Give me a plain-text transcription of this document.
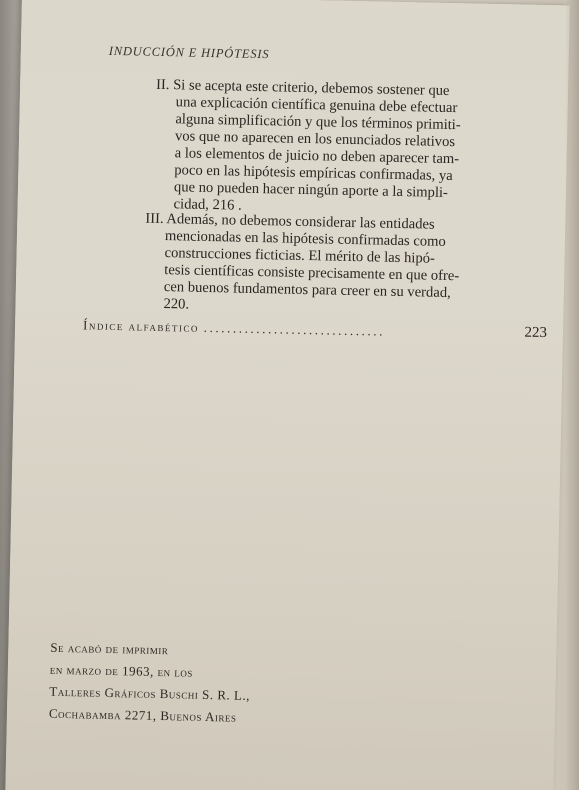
INDUCCIÓN E HIPÓTESIS
II. Si se acepta este criterio, debemos sostener que
una explicación científica genuina debe efectuar
alguna simplificación y que los términos primiti-
vos que no aparecen en los enunciados relativos
a los elementos de juicio no deben aparecer tam-
poco en las hipótesis empíricas confirmadas, ya
que no pueden hacer ningún aporte a la simpli-
cidad, 216 .
III. Además, no debemos considerar las entidades
mencionadas en las hipótesis confirmadas como
construcciones ficticias. El mérito de las hipó-
tesis científicas consiste precisamente en que ofre-
cen buenos fundamentos para creer en su verdad,
220.
Índice alfabético ...............................	223
Se acabó de imprimir
en marzo de 1963, en los
Talleres Gráficos Buschi S. R. L.,
Cochabamba 2271, Buenos Aires
